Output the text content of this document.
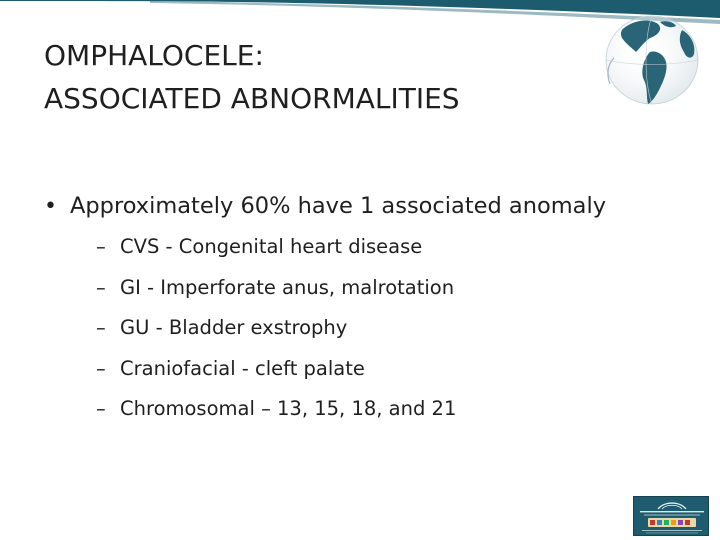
OMPHALOCELE:
ASSOCIATED ABNORMALITIES
• Approximately 60% have 1 associated anomaly
– CVS - Congenital heart disease
– GI - Imperforate anus, malrotation
– GU - Bladder exstrophy
– Craniofacial - cleft palate
– Chromosomal – 13, 15, 18, and 21
